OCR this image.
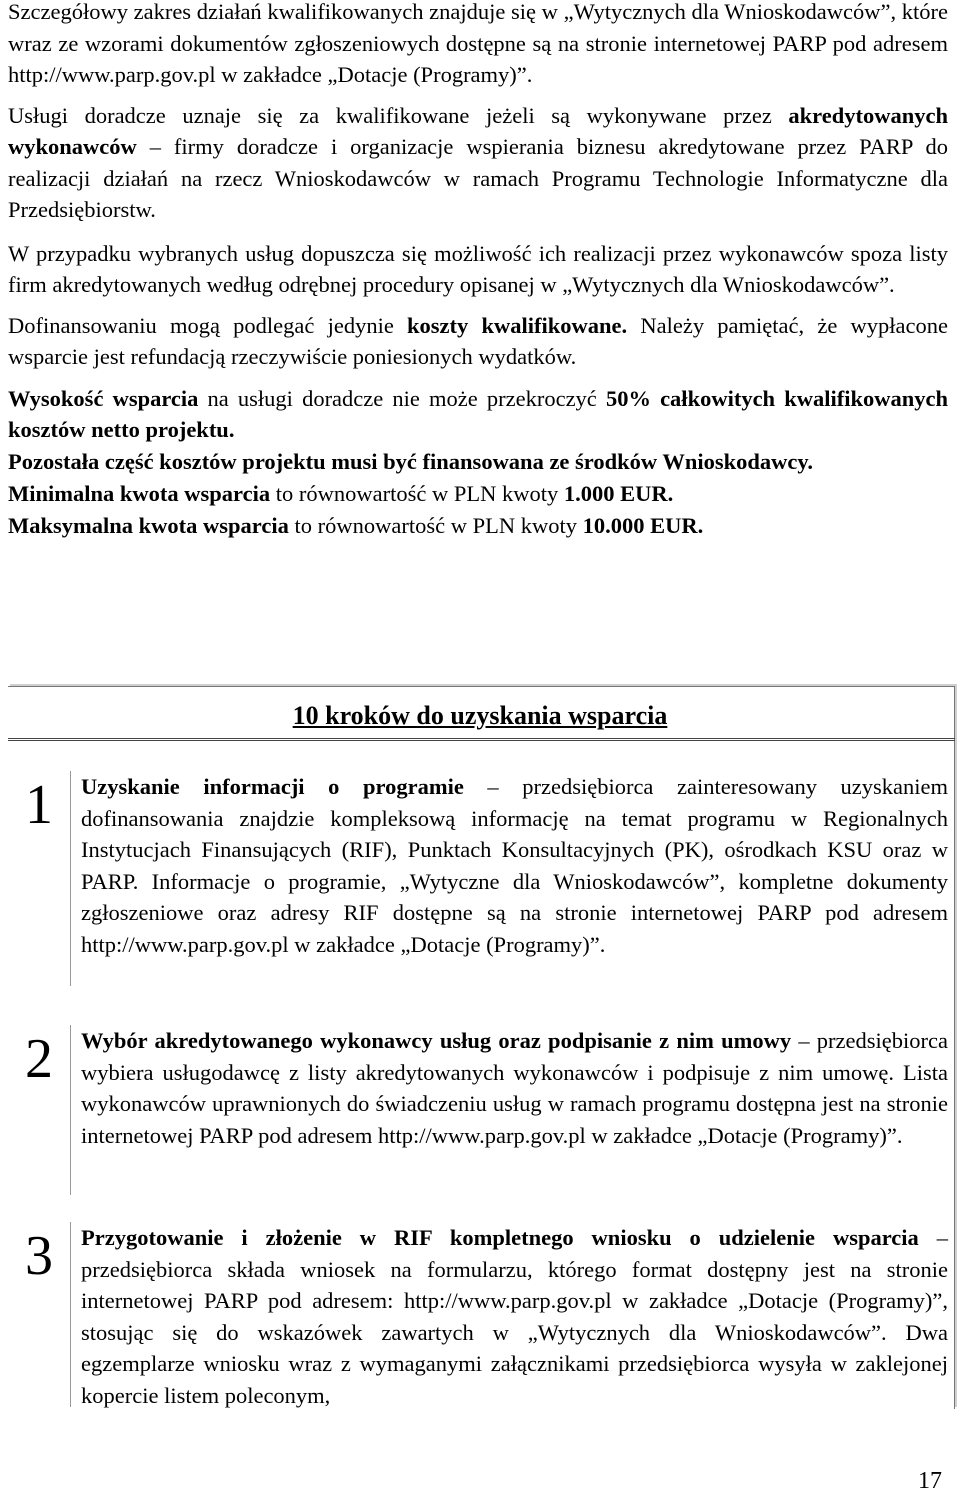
Szczegółowy zakres działań kwalifikowanych znajduje się w „Wytycznych dla Wnioskodawców”, które wraz ze wzorami dokumentów zgłoszeniowych dostępne są na stronie internetowej PARP pod adresem http://www.parp.gov.pl w zakładce „Dotacje (Programy)”.

Usługi doradcze uznaje się za kwalifikowane jeżeli są wykonywane przez akredytowanych wykonawców – firmy doradcze i organizacje wspierania biznesu akredytowane przez PARP do realizacji działań na rzecz Wnioskodawców w ramach Programu Technologie Informatyczne dla Przedsiębiorstw.

W przypadku wybranych usług dopuszcza się możliwość ich realizacji przez wykonawców spoza listy firm akredytowanych według odrębnej procedury opisanej w „Wytycznych dla Wnioskodawców”.

Dofinansowaniu mogą podlegać jedynie koszty kwalifikowane. Należy pamiętać, że wypłacone wsparcie jest refundacją rzeczywiście poniesionych wydatków.

Wysokość wsparcia na usługi doradcze nie może przekroczyć 50% całkowitych kwalifikowanych kosztów netto projektu.

Pozostała część kosztów projektu musi być finansowana ze środków Wnioskodawcy.

Minimalna kwota wsparcia to równowartość w PLN kwoty 1.000 EUR.

Maksymalna kwota wsparcia to równowartość w PLN kwoty 10.000 EUR.

10 kroków do uzyskania wsparcia
1	Uzyskanie informacji o programie – przedsiębiorca zainteresowany uzyskaniem dofinansowania znajdzie kompleksową informację na temat programu w Regionalnych Instytucjach Finansujących (RIF), Punktach Konsultacyjnych (PK), ośrodkach KSU oraz w PARP. Informacje o programie, „Wytyczne dla Wnioskodawców”, kompletne dokumenty zgłoszeniowe oraz adresy RIF dostępne są na stronie internetowej PARP pod adresem http://www.parp.gov.pl w zakładce „Dotacje (Programy)”.
2	Wybór akredytowanego wykonawcy usług oraz podpisanie z nim umowy – przedsiębiorca wybiera usługodawcę z listy akredytowanych wykonawców i podpisuje z nim umowę. Lista wykonawców uprawnionych do świadczeniu usług w ramach programu dostępna jest na stronie internetowej PARP pod adresem http://www.parp.gov.pl w zakładce „Dotacje (Programy)”.
3	Przygotowanie i złożenie w RIF kompletnego wniosku o udzielenie wsparcia – przedsiębiorca składa wniosek na formularzu, którego format dostępny jest na stronie internetowej PARP pod adresem: http://www.parp.gov.pl w zakładce „Dotacje (Programy)”, stosując się do wskazówek zawartych w „Wytycznych dla Wnioskodawców”. Dwa egzemplarze wniosku wraz z wymaganymi załącznikami przedsiębiorca wysyła w zaklejonej kopercie listem poleconym,
17
